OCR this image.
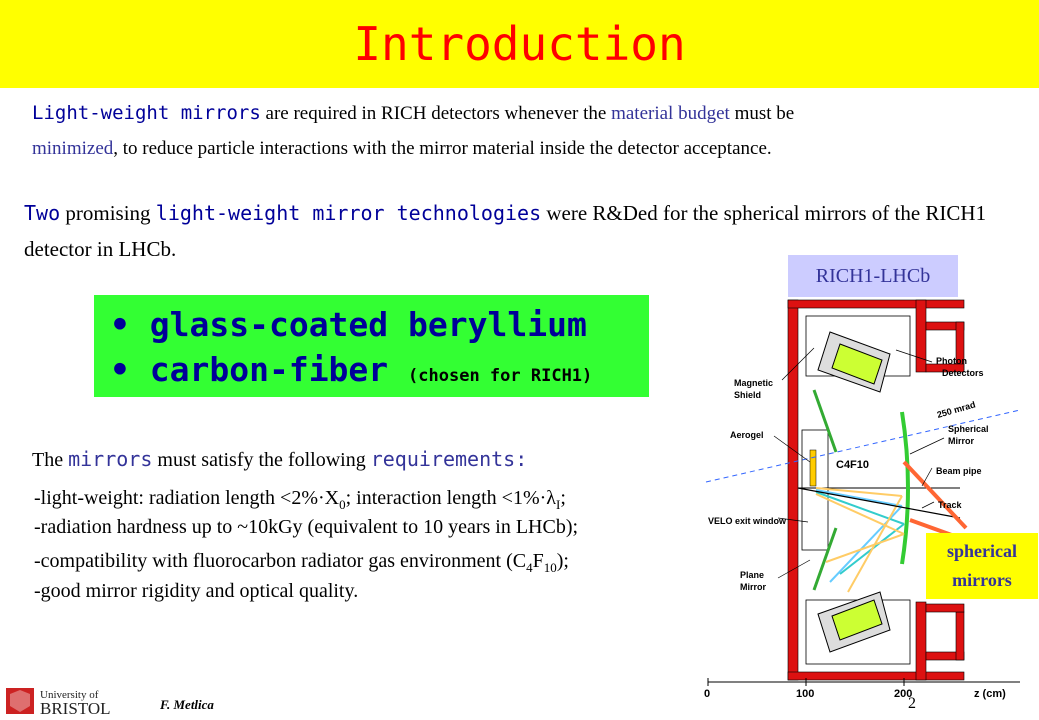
Introduction
Light-weight mirrors are required in RICH detectors whenever the material budget must be
minimized, to reduce particle interactions with the mirror material inside the detector acceptance.
Two promising light-weight mirror technologies were R&Ded for the spherical mirrors of the RICH1 detector in LHCb.
RICH1-LHCb
• glass-coated beryllium
• carbon-fiber (chosen for RICH1)
The mirrors must satisfy the following requirements:
-light-weight: radiation length $<2\%\cdot X_0$; interaction length $<1\%\cdot\lambda_I$;
-radiation hardness up to ~10kGy (equivalent to 10 years in LHCb);
-compatibility with fluorocarbon radiator gas environment $(C_4F_{10})$;
-good mirror rigidity and optical quality.
Photon
Detectors
Magnetic
Shield
250 mrad
Spherical
Mirror
Aerogel
C4F10	Beam pipe
Track
VELO exit window
Plane
Mirror
0	100	200	z (cm)
spherical
mirrors
University of
BRISTOL	F. Metlica	2
